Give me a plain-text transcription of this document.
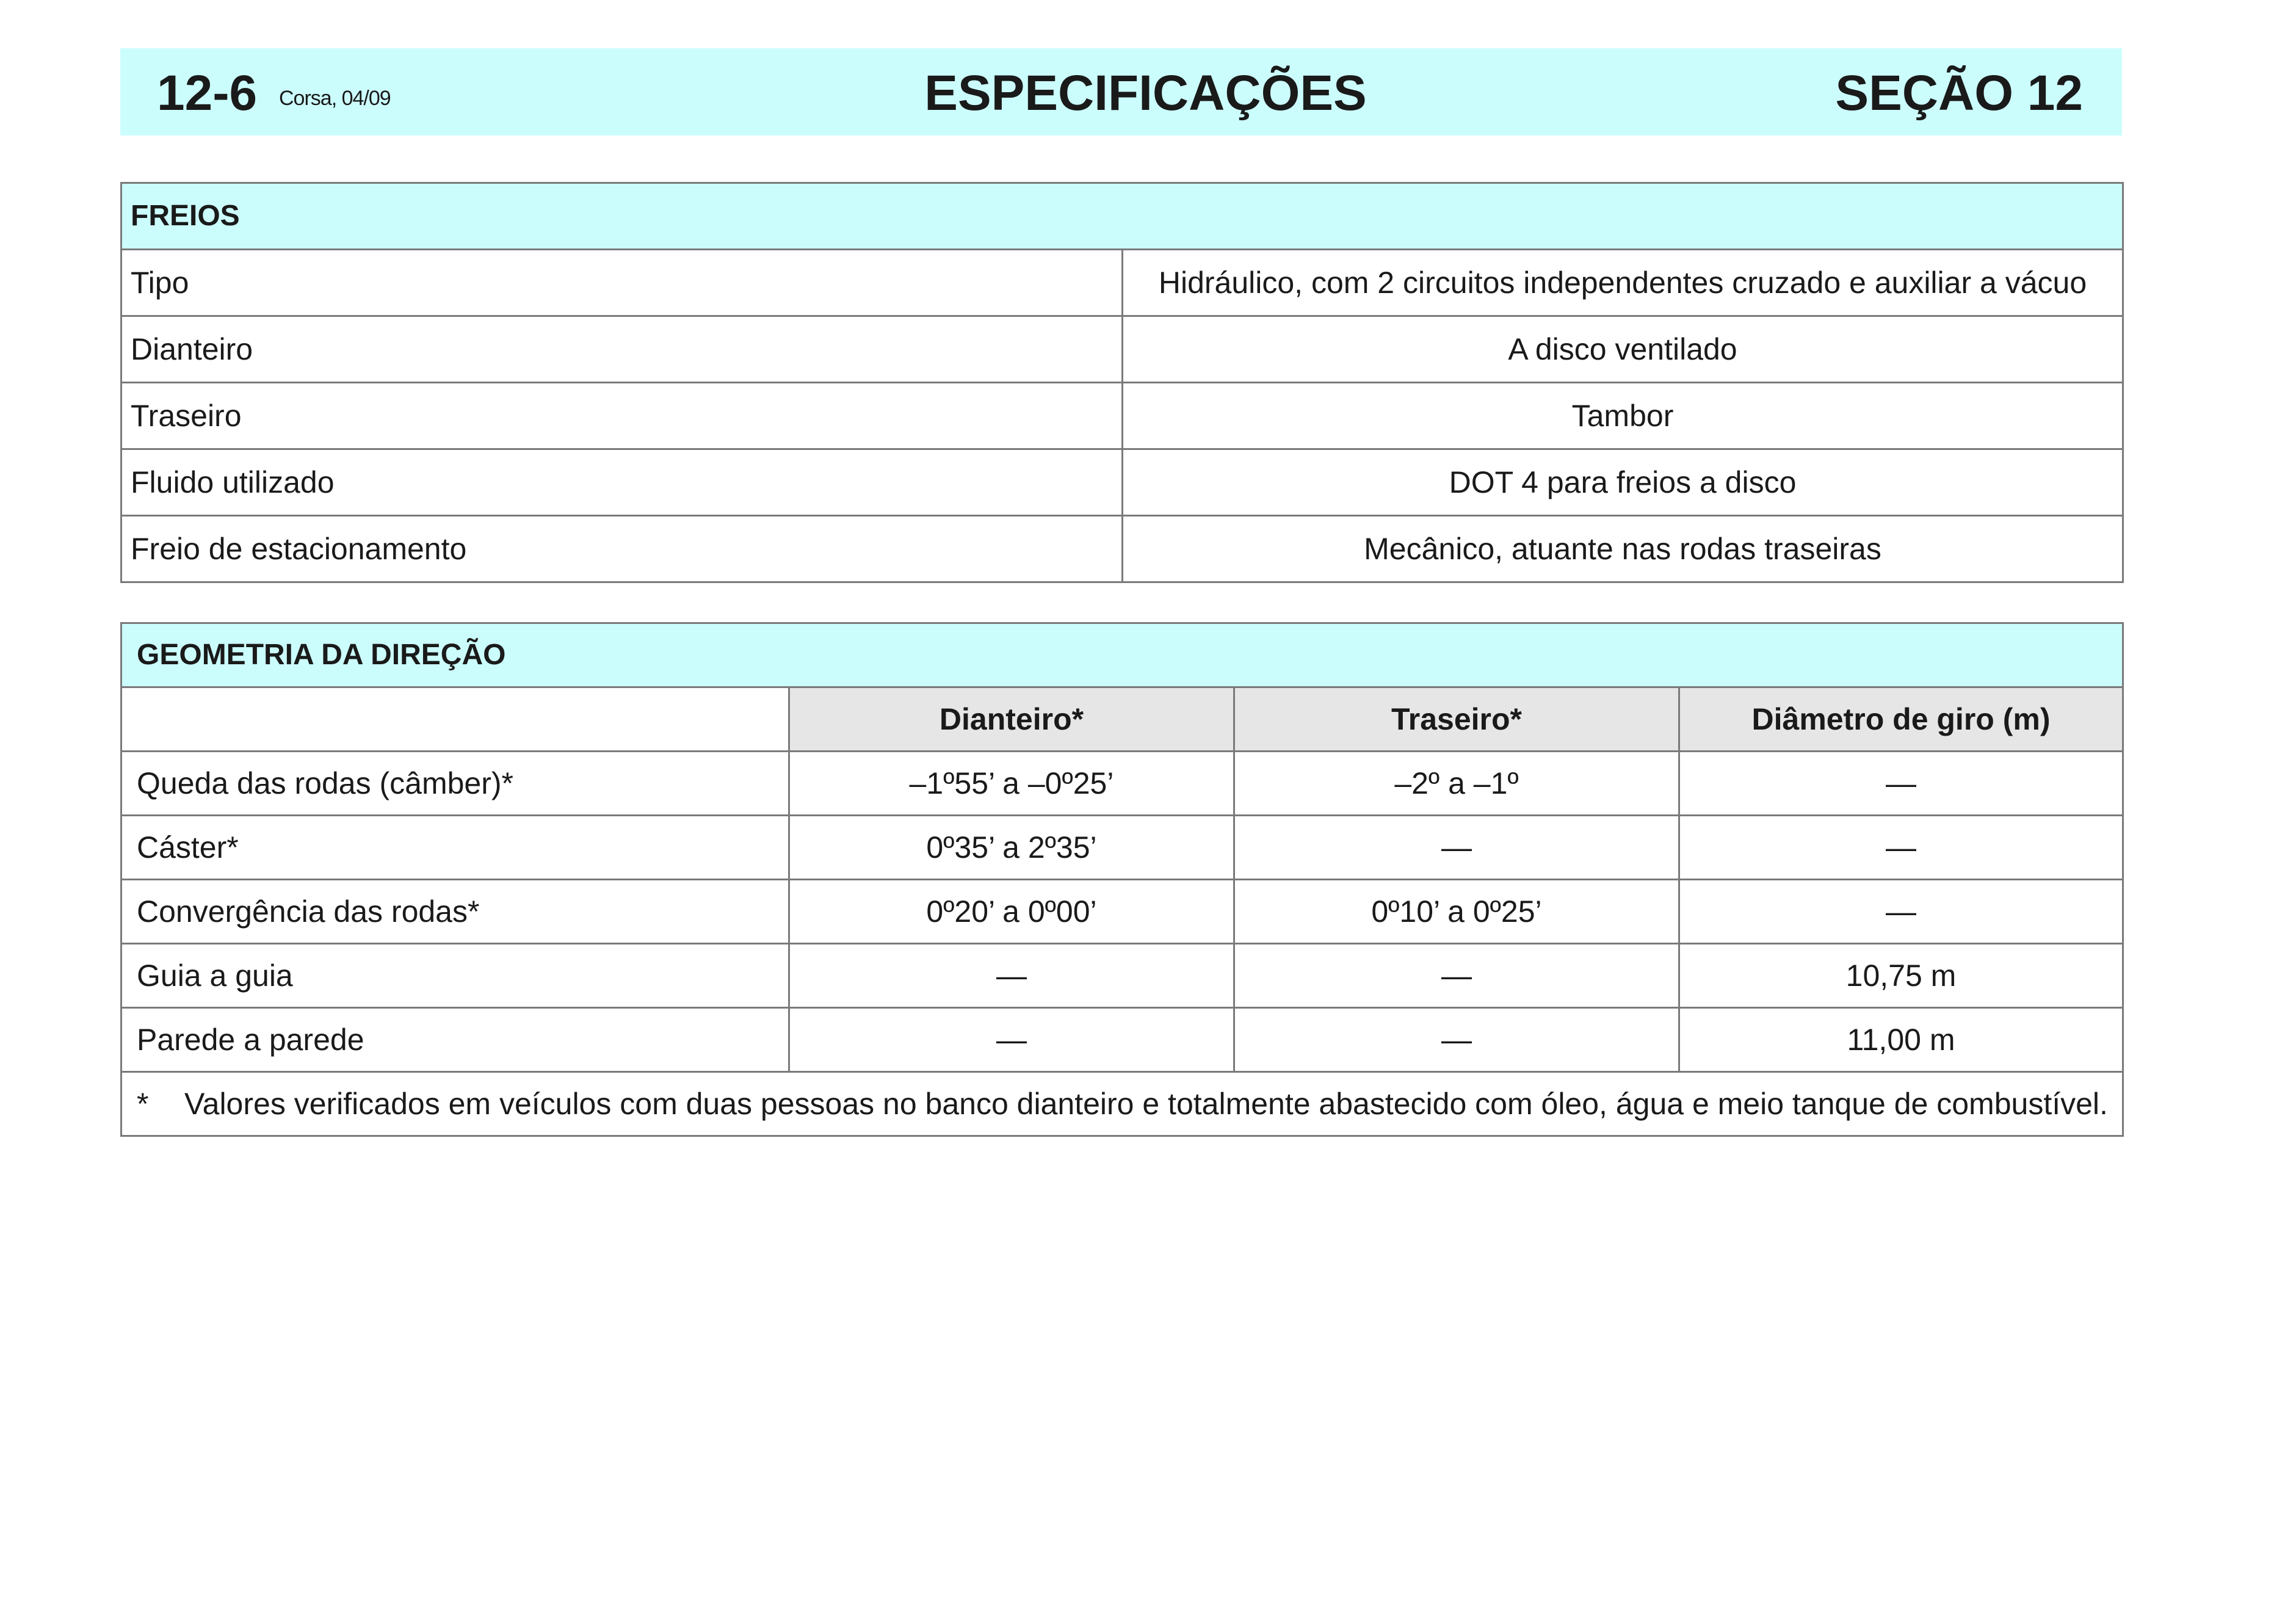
12-6 Corsa, 04/09	ESPECIFICAÇÕES	SEÇÃO 12
FREIOS	
Tipo	Hidráulico, com 2 circuitos independentes cruzado e auxiliar a vácuo
Dianteiro	A disco ventilado
Traseiro	Tambor
Fluido utilizado	DOT 4 para freios a disco
Freio de estacionamento	Mecânico, atuante nas rodas traseiras
GEOMETRIA DA DIREÇÃO			
	Dianteiro*	Traseiro*	Diâmetro de giro (m)
Queda das rodas (câmber)*	–1º55’ a –0º25’	–2º a –1º	—
Cáster*	0º35’ a 2º35’	—	—
Convergência das rodas*	0º20’ a 0º00’	0º10’ a 0º25’	—
Guia a guia	—	—	10,75 m
Parede a parede	—	—	11,00 m
* Valores verificados em veículos com duas pessoas no banco dianteiro e totalmente abastecido com óleo, água e meio tanque de combustível.			
